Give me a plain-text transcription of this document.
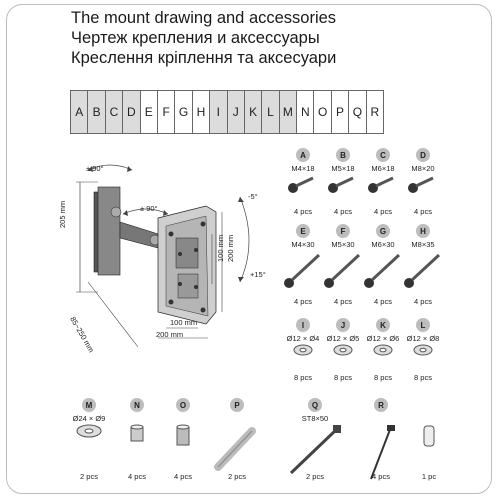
The mount drawing and accessories
Чертеж крепления и аксессуары
Креслення кріплення та аксесуари
A B C D E F G H I	J K L M N O P Q R
± 90°
± 90°
-5°
+15°
205 mm
85~250 mm
200 mm
100 mm
200 mm
100 mm
A
M4×18
4 pcs
B
M5×18
4 pcs
C
M6×18
4 pcs
D
M8×20
4 pcs
E
M4×30
4 pcs
F
M5×30
4 pcs
G
M6×30
4 pcs
H
M8×35
4 pcs
I
Ø12 × Ø4
8 pcs
J
Ø12 × Ø5
8 pcs
K
Ø12 × Ø6
8 pcs
L
Ø12 × Ø8
8 pcs
M
Ø24 × Ø9
2 pcs
N
4 pcs
O
4 pcs
P
2 pcs
Q
ST8×50
2 pcs
R
4 pcs	1 pc
